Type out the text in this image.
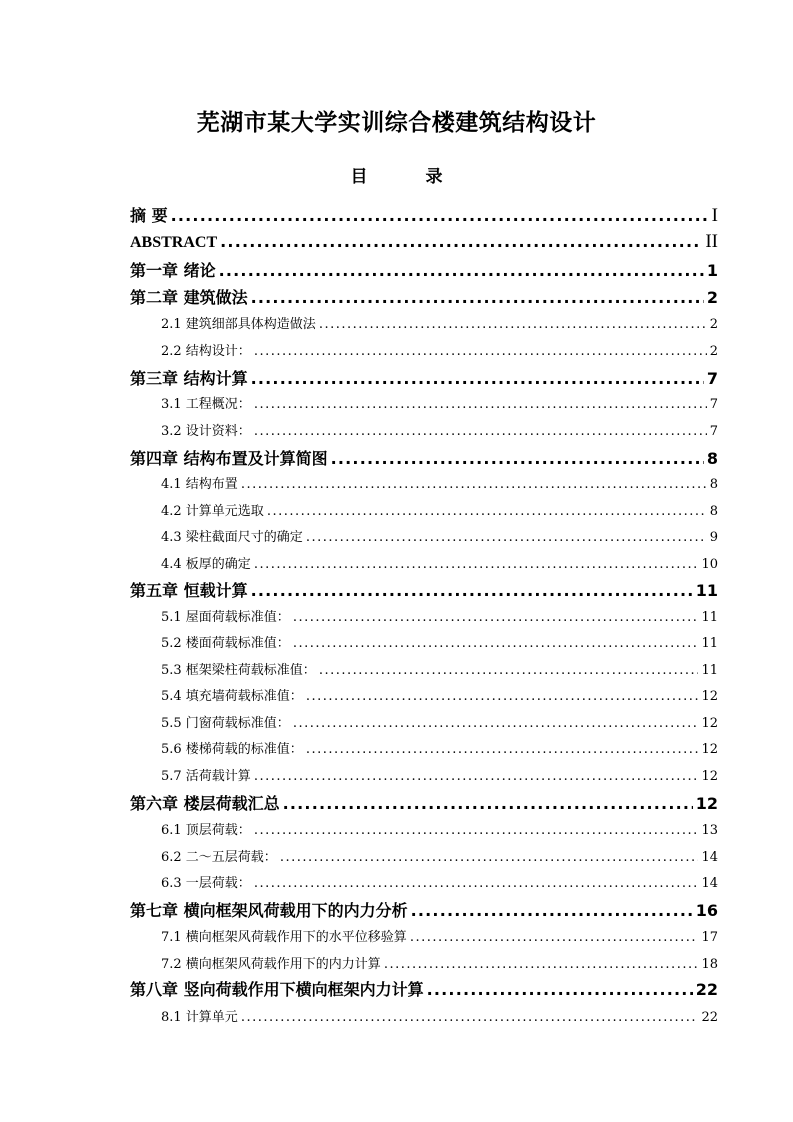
芜湖市某大学实训综合楼建筑结构设计
目 录
摘 要 .....	I
ABSTRACT .....	II
第一章 绪论 .....	1
第二章 建筑做法 .....	2
2.1 建筑细部具体构造做法 .....	2
2.2 结构设计： .....	2
第三章 结构计算 .....	7
3.1 工程概况： .....	7
3.2 设计资料： .....	7
第四章 结构布置及计算简图 .....	8
4.1 结构布置 .....	8
4.2 计算单元选取 .....	8
4.3 梁柱截面尺寸的确定 .....	9
4.4 板厚的确定 .....	10
第五章 恒载计算 .....	11
5.1 屋面荷载标准值： .....	11
5.2 楼面荷载标准值： .....	11
5.3 框架梁柱荷载标准值： .....	11
5.4 填充墙荷载标准值： .....	12
5.5 门窗荷载标准值： .....	12
5.6 楼梯荷载的标准值： .....	12
5.7 活荷载计算 .....	12
第六章 楼层荷载汇总 .....	12
6.1 顶层荷载： .....	13
6.2 二～五层荷载： .....	14
6.3 一层荷载： .....	14
第七章 横向框架风荷载用下的内力分析 .....	16
7.1 横向框架风荷载作用下的水平位移验算 .....	17
7.2 横向框架风荷载作用下的内力计算 .....	18
第八章 竖向荷载作用下横向框架内力计算 .....	22
8.1 计算单元 .....	22
